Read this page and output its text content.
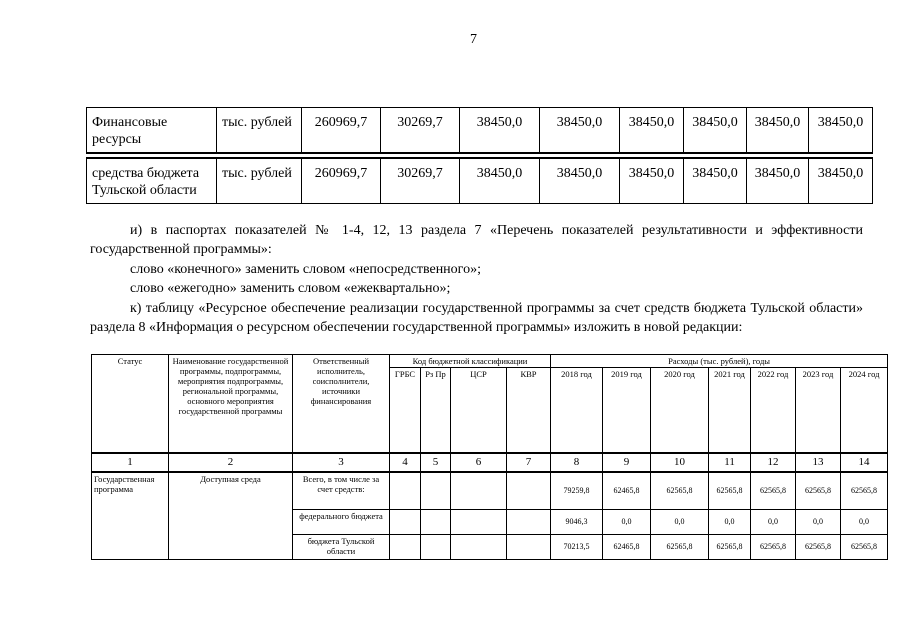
7
Финансовые ресурсы	тыс. рублей	260969,7	30269,7	38450,0	38450,0	38450,0	38450,0	38450,0	38450,0

средства бюджета Тульской области	тыс. рублей	260969,7	30269,7	38450,0	38450,0	38450,0	38450,0	38450,0	38450,0

и) в паспортах показателей № 1-4, 12, 13 раздела 7 «Перечень показателей результативности и эффективности государственной программы»:

слово «конечного» заменить словом «непосредственного»;

слово «ежегодно» заменить словом «ежеквартально»;

к) таблицу «Ресурсное обеспечение реализации государственной программы за счет средств бюджета Тульской области» раздела 8 «Информация о ресурсном обеспечении государственной программы» изложить в новой редакции:

Статус	Наименование государственной программы, подпрограммы, мероприятия подпрограммы, региональной программы, основного мероприятия государственной программы	Ответственный исполнитель, соисполнители, источники финансирования	Код бюджетной классификации				Расходы (тыс. рублей), годы						
			ГРБС	Рз Пр	ЦСР	КВР	2018 год	2019 год	2020 год	2021 год	2022 год	2023 год	2024 год
1	2	3	4	5	6	7	8	9	10	11	12	13	14
Государственная программа	Доступная среда	Всего, в том числе за счет средств:					79259,8	62465,8	62565,8	62565,8	62565,8	62565,8	62565,8
		федерального бюджета					9046,3	0,0	0,0	0,0	0,0	0,0	0,0
		бюджета Тульской области					70213,5	62465,8	62565,8	62565,8	62565,8	62565,8	62565,8
